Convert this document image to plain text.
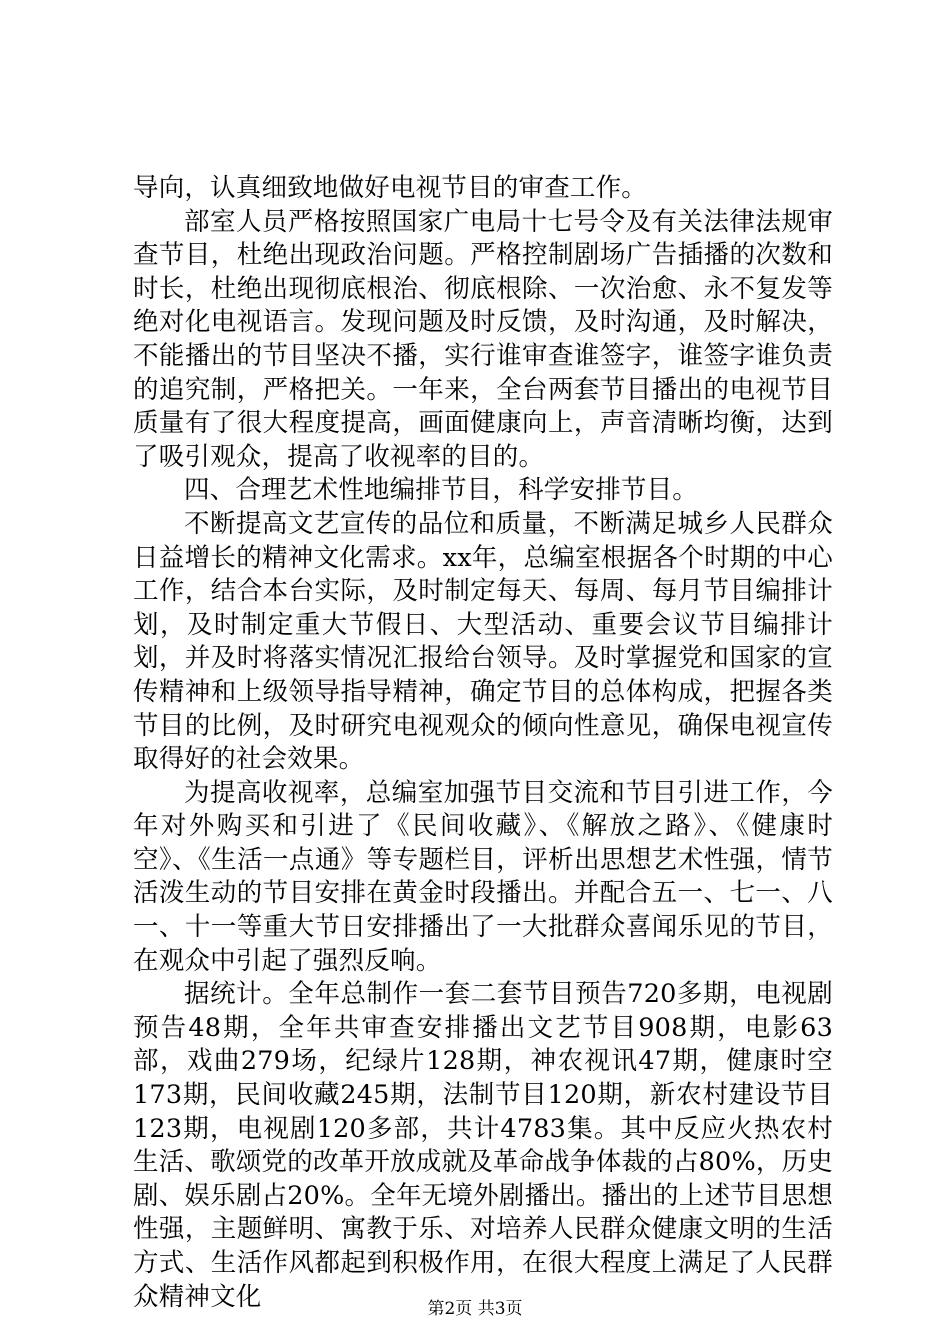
导向，认真细致地做好电视节目的审查工作。

部室人员严格按照国家广电局十七号令及有关法律法规审查节目，杜绝出现政治问题。严格控制剧场广告插播的次数和时长，杜绝出现彻底根治、彻底根除、一次治愈、永不复发等绝对化电视语言。发现问题及时反馈，及时沟通，及时解决，不能播出的节目坚决不播，实行谁审查谁签字，谁签字谁负责的追究制，严格把关。一年来，全台两套节目播出的电视节目质量有了很大程度提高，画面健康向上，声音清晰均衡，达到了吸引观众，提高了收视率的目的。

四、合理艺术性地编排节目，科学安排节目。

不断提高文艺宣传的品位和质量，不断满足城乡人民群众日益增长的精神文化需求。xx年，总编室根据各个时期的中心工作，结合本台实际，及时制定每天、每周、每月节目编排计划，及时制定重大节假日、大型活动、重要会议节目编排计划，并及时将落实情况汇报给台领导。及时掌握党和国家的宣传精神和上级领导指导精神，确定节目的总体构成，把握各类节目的比例，及时研究电视观众的倾向性意见，确保电视宣传取得好的社会效果。

为提高收视率，总编室加强节目交流和节目引进工作，今年对外购买和引进了《民间收藏》、《解放之路》、《健康时空》、《生活一点通》等专题栏目，评析出思想艺术性强，情节活泼生动的节目安排在黄金时段播出。并配合五一、七一、八一、十一等重大节日安排播出了一大批群众喜闻乐见的节目，在观众中引起了强烈反响。

据统计。全年总制作一套二套节目预告720多期，电视剧预告48期，全年共审查安排播出文艺节目908期，电影63部，戏曲279场，纪绿片128期，神农视讯47期，健康时空173期，民间收藏245期，法制节目120期，新农村建设节目123期，电视剧120多部，共计4783集。其中反应火热农村生活、歌颂党的改革开放成就及革命战争体裁的占80%，历史剧、娱乐剧占20%。全年无境外剧播出。播出的上述节目思想性强，主题鲜明、寓教于乐、对培养人民群众健康文明的生活方式、生活作风都起到积极作用，在很大程度上满足了人民群众精神文化	第2页 共3页
